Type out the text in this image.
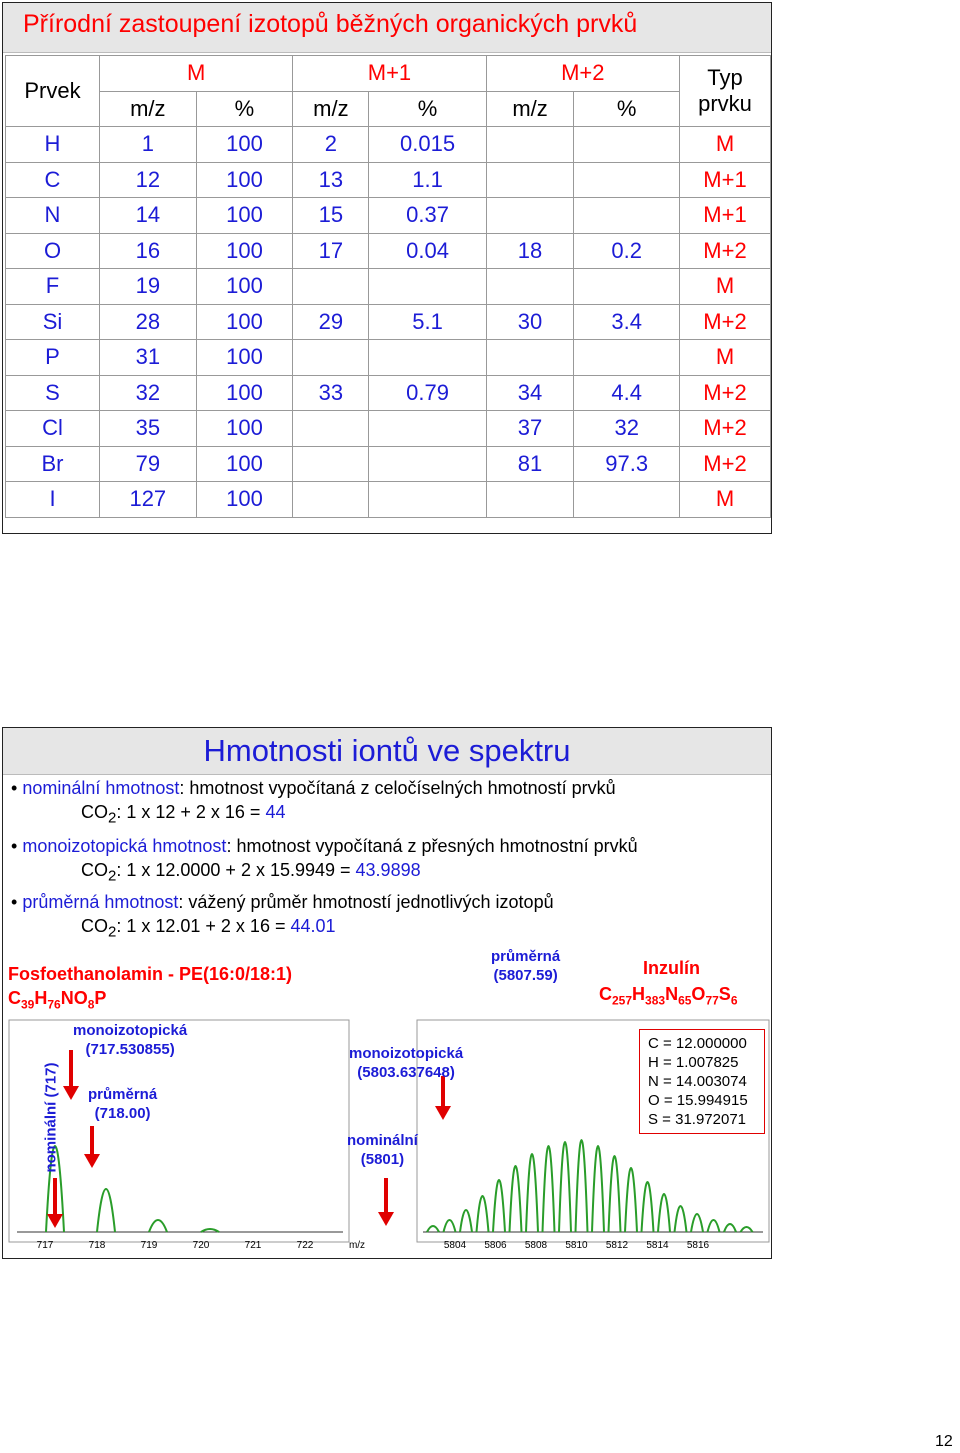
Přírodní zastoupení izotopů běžných organických prvků
Prvek	M		M+1		M+2		Typ prvku
	m/z	%	m/z	%	m/z	%	
H	1	100	2	0.015			M
C	12	100	13	1.1			M+1
N	14	100	15	0.37			M+1
O	16	100	17	0.04	18	0.2	M+2
F	19	100					M
Si	28	100	29	5.1	30	3.4	M+2
P	31	100					M
S	32	100	33	0.79	34	4.4	M+2
Cl	35	100			37	32	M+2
Br	79	100			81	97.3	M+2
I	127	100					M
Hmotnosti iontů ve spektru
• nominální hmotnost: hmotnost vypočítaná z celočíselných hmotností prvků
$CO_2$: 1 x 12 + 2 x 16 = 44
• monoizotopická hmotnost: hmotnost vypočítaná z přesných hmotnostní prvků
$CO_2$: 1 x 12.0000 + 2 x 15.9949 = 43.9898
• průměrná hmotnost: vážený průměr hmotností jednotlivých izotopů
$CO_2$: 1 x 12.01 + 2 x 16 = 44.01
Fosfoethanolamin - PE(16:0/18:1)
$C_{39}H_{76}NO_8P$
Inzulín
$C_{257}H_{383}N_{65}O_{77}S_6$
717	718	719	720	721	722	m/z	5804 5806 5808 5810 5812 5814 5816
nominální (717)
monoizotopická
(717.530855)
průměrná
(718.00)
monoizotopická
(5803.637648)
nominální
(5801)
průměrná
(5807.59)
C = 12.000000
H = 1.007825
N = 14.003074
O = 15.994915
S = 31.972071
12
